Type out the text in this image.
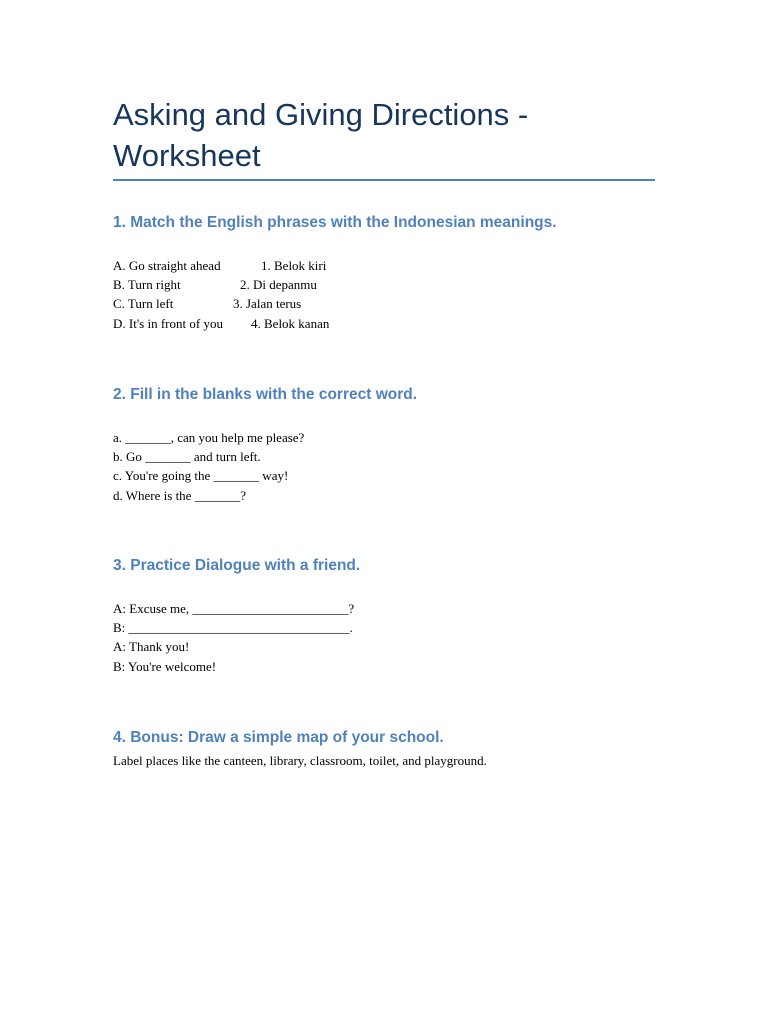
Asking and Giving Directions - Worksheet
1. Match the English phrases with the Indonesian meanings.
A. Go straight ahead	1. Belok kiri
B. Turn right	2. Di depanmu
C. Turn left	3. Jalan terus
D. It's in front of you 4. Belok kanan
2. Fill in the blanks with the correct word.
a. _______, can you help me please?
b. Go _______ and turn left.
c. You're going the _______ way!
d. Where is the _______?
3. Practice Dialogue with a friend.
A: Excuse me, ________________________?
B: __________________________________.
A: Thank you!
B: You're welcome!
4. Bonus: Draw a simple map of your school.

Label places like the canteen, library, classroom, toilet, and playground.
